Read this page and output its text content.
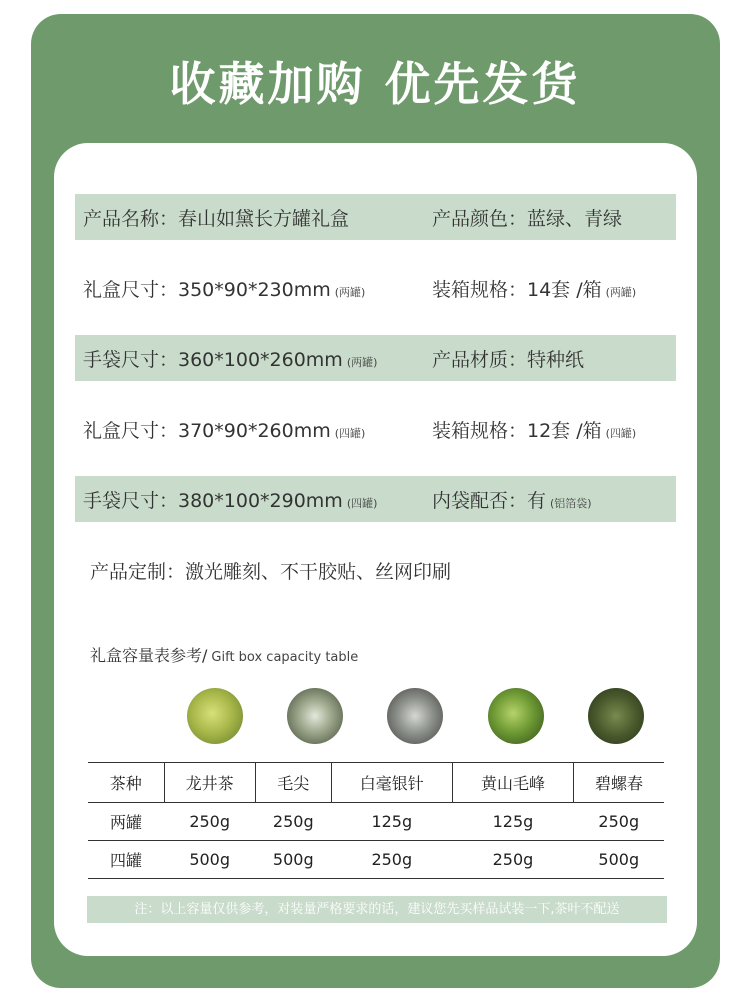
收藏加购 优先发货
产品名称：春山如黛长方罐礼盒	产品颜色：蓝绿、青绿
礼盒尺寸：350*90*230mm (两罐)	装箱规格：14套 /箱 (两罐)
手袋尺寸：360*100*260mm (两罐)	产品材质：特种纸
礼盒尺寸：370*90*260mm (四罐)	装箱规格：12套 /箱 (四罐)
手袋尺寸：380*100*290mm (四罐)	内袋配否：有 (铝箔袋)
产品定制：激光雕刻、不干胶贴、丝网印刷
礼盒容量表参考/ Gift box capacity table
茶种	龙井茶	毛尖	白毫银针	黄山毛峰	碧螺春
两罐	250g	250g	125g	125g	250g
四罐	500g	500g	250g	250g	500g
注：以上容量仅供参考，对装量严格要求的话，建议您先买样品试装一下,茶叶不配送
